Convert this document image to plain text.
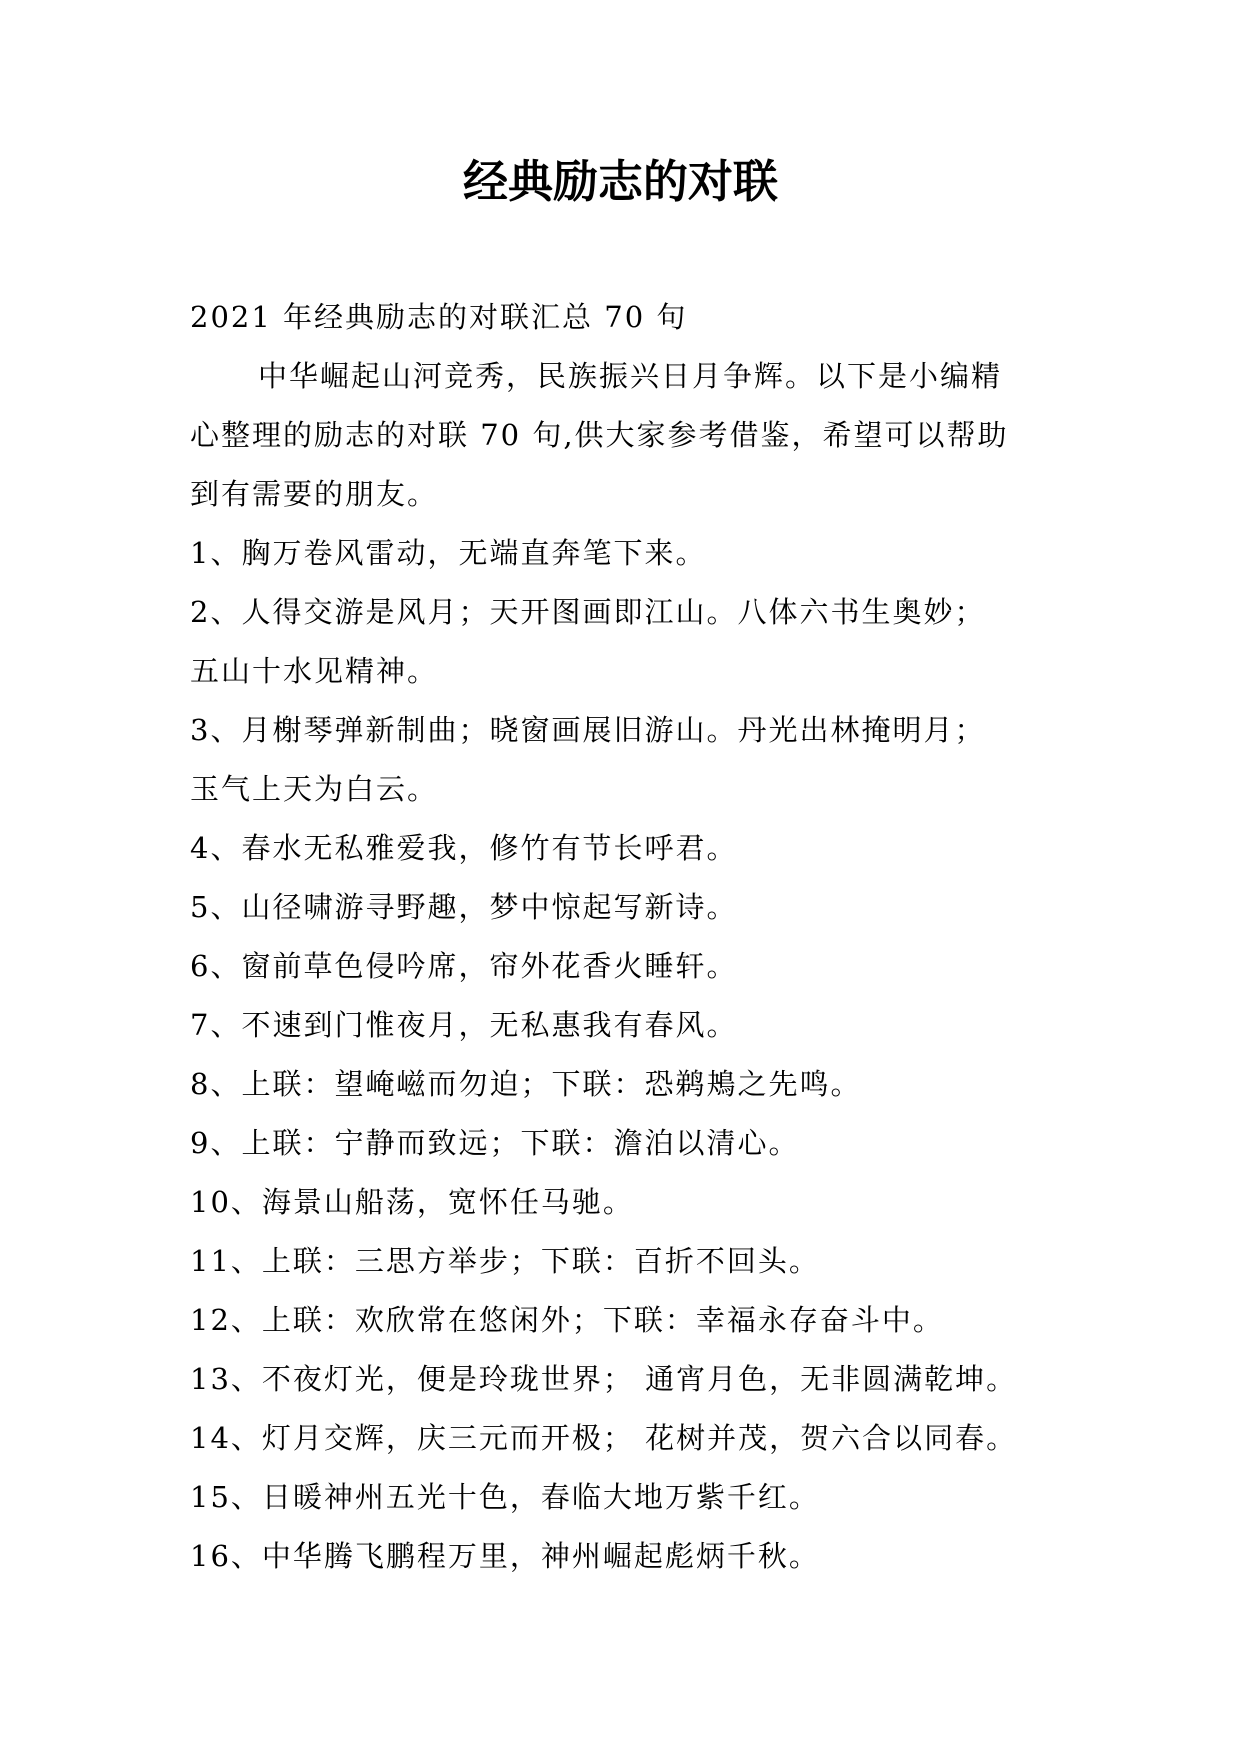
经典励志的对联

2021 年经典励志的对联汇总 70 句

中华崛起山河竞秀，民族振兴日月争辉。以下是小编精

心整理的励志的对联 70 句,供大家参考借鉴，希望可以帮助

到有需要的朋友。

1、胸万卷风雷动，无端直奔笔下来。

2、人得交游是风月；天开图画即江山。八体六书生奥妙；

五山十水见精神。

3、月榭琴弹新制曲；晓窗画展旧游山。丹光出林掩明月；

玉气上天为白云。

4、春水无私雅爱我，修竹有节长呼君。

5、山径啸游寻野趣，梦中惊起写新诗。

6、窗前草色侵吟席，帘外花香火睡轩。

7、不速到门惟夜月，无私惠我有春风。

8、上联：望崦嵫而勿迫；下联：恐鹈鴂之先鸣。

9、上联：宁静而致远；下联：澹泊以清心。

10、海景山船荡，宽怀任马驰。

11、上联：三思方举步；下联：百折不回头。

12、上联：欢欣常在悠闲外；下联：幸福永存奋斗中。

13、不夜灯光，便是玲珑世界； 通宵月色，无非圆满乾坤。

14、灯月交辉，庆三元而开极； 花树并茂，贺六合以同春。

15、日暖神州五光十色，春临大地万紫千红。

16、中华腾飞鹏程万里，神州崛起彪炳千秋。
